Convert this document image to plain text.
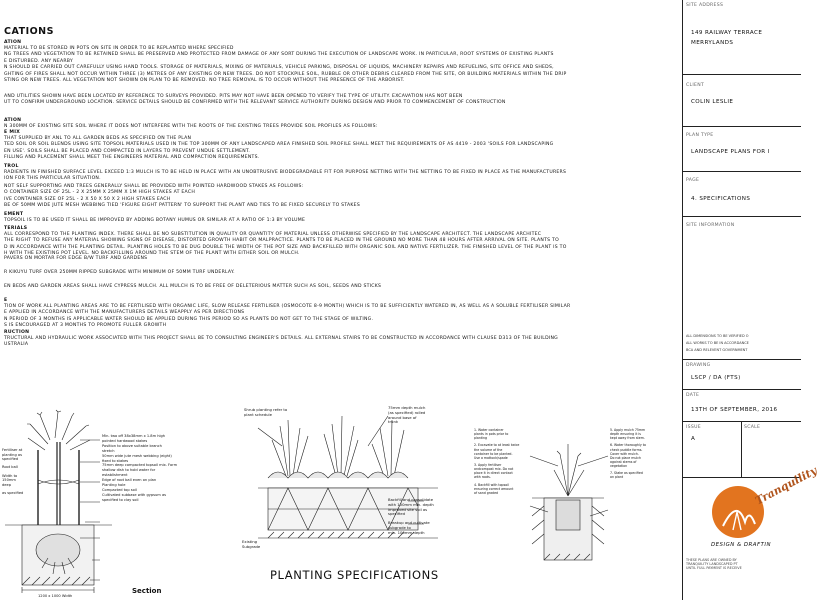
CATIONS
ATION
MATERIAL TO BE STORED IN POTS ON SITE IN ORDER TO BE REPLANTED WHERE SPECIFIED
NG TREES AND VEGETATION TO BE RETAINED SHALL BE PRESERVED AND PROTECTED FROM DAMAGE OF ANY SORT DURING THE EXECUTION OF LANDSCAPE WORK. IN PARTICULAR, ROOT SYSTEMS OF EXISTING PLANTS
E DISTURBED. ANY NEARBY
N SHOULD BE CARRIED OUT CAREFULLY USING HAND TOOLS. STORAGE OF MATERIALS, MIXING OF MATERIALS, VEHICLE PARKING, DISPOSAL OF LIQUIDS, MACHINERY REPAIRS AND REFUELING, SITE OFFICE AND SHEDS,
GHTING OF FIRES SHALL NOT OCCUR WITHIN THREE (3) METRES OF ANY EXISTING OR NEW TREES. DO NOT STOCKPILE SOIL, RUBBLE OR OTHER DEBRIS CLEARED FROM THE SITE, OR BUILDING MATERIALS WITHIN THE DRIP
STING OR NEW TREES. ALL VEGETATION NOT SHOWN ON PLAN TO BE REMOVED. NO TREE REMOVAL IS TO OCCUR WITHOUT THE PRESENCE OF THE ARBORIST.
AND UTILITIES SHOWN HAVE BEEN LOCATED BY REFERENCE TO SURVEYS PROVIDED. PITS MAY NOT HAVE BEEN OPENED TO VERIFY THE TYPE OF UTILITY. EXCAVATION HAS NOT BEEN
UT TO CONFIRM UNDERGROUND LOCATION. SERVICE DETAILS SHOULD BE CONFIRMED WITH THE RELEVANT SERVICE AUTHORITY DURING DESIGN AND PRIOR TO COMMENCEMENT OF CONSTRUCTION
ATION
N 300MM OF EXISTING SITE SOIL WHERE IT DOES NOT INTERFERE WITH THE ROOTS OF THE EXISTING TREES PROVIDE SOIL PROFILES AS FOLLOWS:
E MIX
THAT SUPPLIED BY ANL TO ALL GARDEN BEDS AS SPECIFIED ON THE PLAN
TED SOIL OR SOIL BLENDS USING SITE TOPSOIL MATERIALS USED IN THE TOP 300MM OF ANY LANDSCAPED AREA FINISHED SOIL PROFILE SHALL MEET THE REQUIREMENTS OF AS 4419 - 2003 'SOILS FOR LANDSCAPING
EN USE'. SOILS SHALL BE PLACED AND COMPACTED IN LAYERS TO PREVENT UNDUE SETTLEMENT.
FILLING AND PLACEMENT SHALL MEET THE ENGINEERS MATERIAL AND COMPACTION REQUIREMENTS.
TROL
RADIENTS IN FINISHED SURFACE LEVEL EXCEED 1:3 MULCH IS TO BE HELD IN PLACE WITH AN UNOBTRUSIVE BIODEGRADABLE FIT FOR PURPOSE NETTING WITH THE NETTING TO BE FIXED IN PLACE AS THE MANUFACTURERS
ION FOR THIS PARTICULAR SITUATION.
NOT SELF SUPPORTING AND TREES GENERALLY SHALL BE PROVIDED WITH POINTED HARDWOOD STAKES AS FOLLOWS:
O CONTAINER SIZE OF 25L - 2 X 25MM X 25MM X 1M HIGH STAKES AT EACH
IVE CONTAINER SIZE OF 25L - 2 X 50 X 50 X 2 HIGH STAKES EACH
BE OF 50MM WIDE JUTE MESH WEBBING TIED 'FIGURE EIGHT PATTERN' TO SUPPORT THE PLANT AND TIES TO BE FIXED SECURELY TO STAKES
EMENT
TOPSOIL IS TO BE USED IT SHALL BE IMPROVED BY ADDING BOTANY HUMUS OR SIMILAR AT A RATIO OF 1:3 BY VOLUME
TERIALS
ALL CORRESPOND TO THE PLANTING INDEX. THERE SHALL BE NO SUBSTITUTION IN QUALITY OR QUANTITY OF MATERIAL UNLESS OTHERWISE SPECIFIED BY THE LANDSCAPE ARCHITECT. THE LANDSCAPE ARCHITEC
THE RIGHT TO REFUSE ANY MATERIAL SHOWING SIGNS OF DISEASE, DISTORTED GROWTH HABIT OR MALPRACTICE. PLANTS TO BE PLACED IN THE GROUND NO MORE THAN 48 HOURS AFTER ARRIVAL ON SITE. PLANTS TO
D IN ACCORDANCE WITH THE PLANTING DETAIL. PLANTING HOLES TO BE DUG DOUBLE THE WIDTH OF THE POT SIZE AND BACKFILLED WITH ORGANIC SOIL AND NATIVE FERTILIZER. THE FINISHED LEVEL OF THE PLANT IS TO
H WITH THE EXISTING POT LEVEL. NO BACKFILLING AROUND THE STEM OF THE PLANT WITH EITHER SOIL OR MULCH.
PAVERS ON MORTAR FOR EDGE B/W TURF AND GARDENS
R KIKUYU TURF OVER 250MM RIPPED SUBGRADE WITH MINIMUM OF 50MM TURF UNDERLAY.
EN BEDS AND GARDEN AREAS SHALL HAVE CYPRESS MULCH. ALL MULCH IS TO BE FREE OF DELETERIOUS MATTER SUCH AS SOIL, SEEDS AND STICKS
E
TION OF WORK ALL PLANTING AREAS ARE TO BE FERTILISED WITH ORGANIC LIFE, SLOW RELEASE FERTILISER (OSMOCOTE 8-9 MONTH) WHICH IS TO BE SUFFICIENTLY WATERED IN, AS WELL AS A SOLUBLE FERTILISER SIMILAR
E APPLIED IN ACCORDANCE WITH THE MANUFACTURERS DETAILS WEAPPLY AS PER DIRECTIONS
N PERIOD OF 3 MONTHS IS APPLICABLE WATER SHOULD BE APPLIED DURING THIS PERIOD SO AS PLANTS DO NOT GET TO THE STAGE OF WILTING.
S IS ENCOURAGED AT 3 MONTHS TO PROMOTE FULLER GROWTH
RUCTION
TRUCTURAL AND HYDRAULIC WORK ASSOCIATED WITH THIS PROJECT SHALL BE TO CONSULTING ENGINEER'S DETAILS. ALL EXTERNAL STAIRS TO BE CONSTRUCTED IN ACCORDANCE WITH CLAUSE D313 OF THE BUILDING
USTRALIA
Fertiliser at
planting as
specified
Root ball
Width to
150mm
deep
as specified
Min. two off 38x38mm x 1.8m high
pointed hardwood stakes
Position to above suitable branch
stretch
50mm wide jute mesh webbing (eight)
fixed to stakes
75mm deep compacted topsoil mix. Form
shallow dish to hold water for
establishment
Edge of root ball even on plan
Planting hole
Compacted top soil
Cultivated subbase with gypsum as
specified to clay soil
1200 x 1000 Width
Section
Shrub planting refer to
plant schedule
75mm depth mulch
(as specified) rolled
around base of
trunk
Backfill and consolidate
with 100mm min. depth
improved site soil as
specified
Breakup and cultivate
subgrade to
min. 100mm depth
Existing
Subgrade
1. Water container
plants in pots prior to
planting
2. Excavate to at least twice
the volume of the
container to be planted.
Use a mattock/spade
3. Apply fertiliser
andcompost mix. Do not
place it in direct contact
with roots.
4. Backfill with topsoil
ensuring correct amount
of sand graded
5. Apply mulch 75mm
depth ensuring it is
kept away from stem.
6. Water thoroughly to
check puddle forms.
Cover with mulch.
Do not place mulch
against stems of
vegetation
7. Stake as specified
on plant
PLANTING SPECIFICATIONS
SITE ADDRESS
149 RAILWAY TERRACE
MERRYLANDS
CLIENT
COLIN LESLIE
PLAN TYPE
LANDSCAPE PLANS FOR I
PAGE
4. SPECIFICATIONS
SITE INFORMATION
ALL DIMENSIONS TO BE VERIFIED O
ALL WORKS TO BE IN ACCORDANCE
BCA AND RELEVENT GOVERNMENT
DRAWING
LSCP / DA (FTS)
DATE
13TH OF SEPTEMBER, 2016
ISSUE
A
SCALE
Tranquility
DESIGN & DRAFTIN
THESE PLANS ARE OWNED BY
TRANQUILITY LANDSCAPED PT
UNTIL FULL PAYMENT IS RECEIVE
